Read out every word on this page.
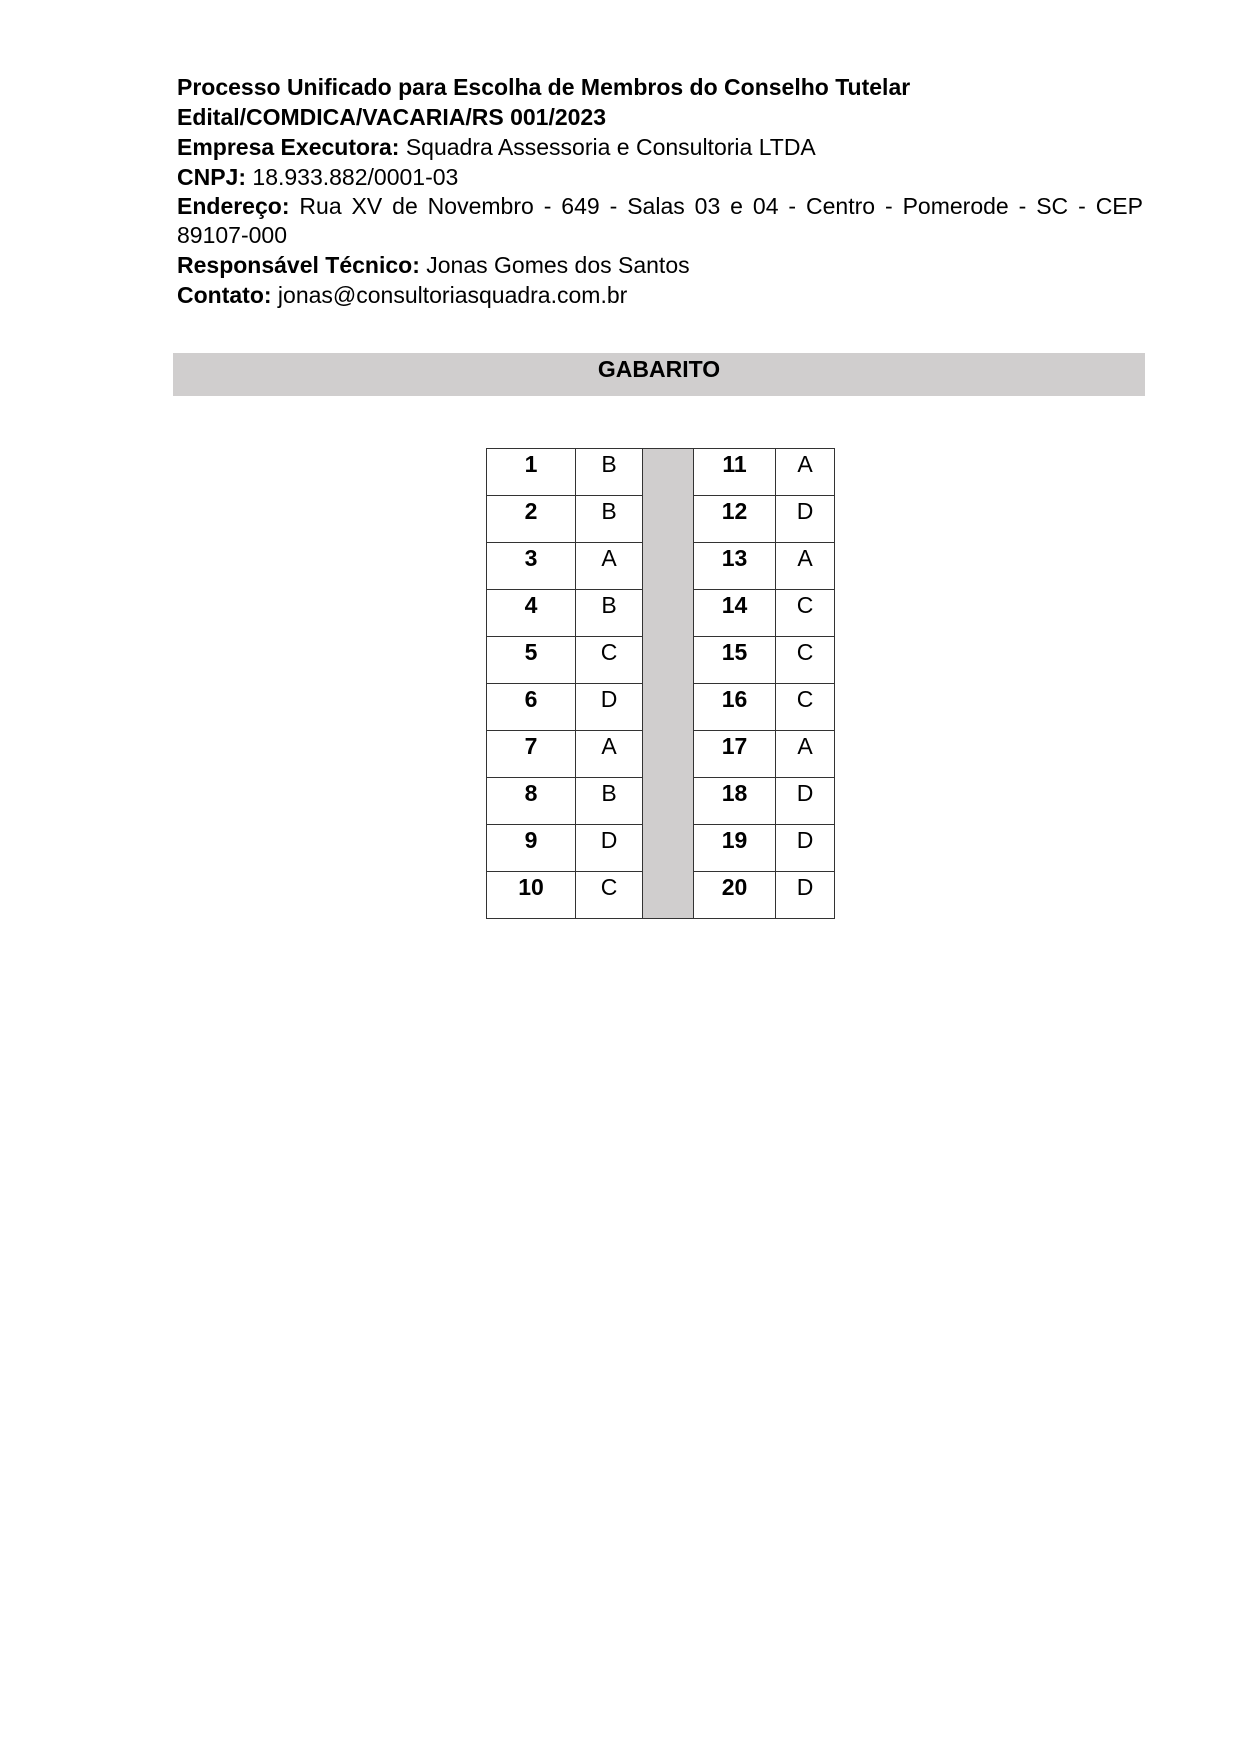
Processo Unificado para Escolha de Membros do Conselho Tutelar
Edital/COMDICA/VACARIA/RS 001/2023
Empresa Executora: Squadra Assessoria e Consultoria LTDA
CNPJ: 18.933.882/0001-03
Endereço: Rua XV de Novembro - 649 - Salas 03 e 04 - Centro - Pomerode - SC - CEP 89107-000
Responsável Técnico: Jonas Gomes dos Santos
Contato: jonas@consultoriasquadra.com.br
GABARITO
1	B		11	A
2	B		12	D
3	A		13	A
4	B		14	C
5	C		15	C
6	D		16	C
7	A		17	A
8	B		18	D
9	D		19	D
10	C		20	D
